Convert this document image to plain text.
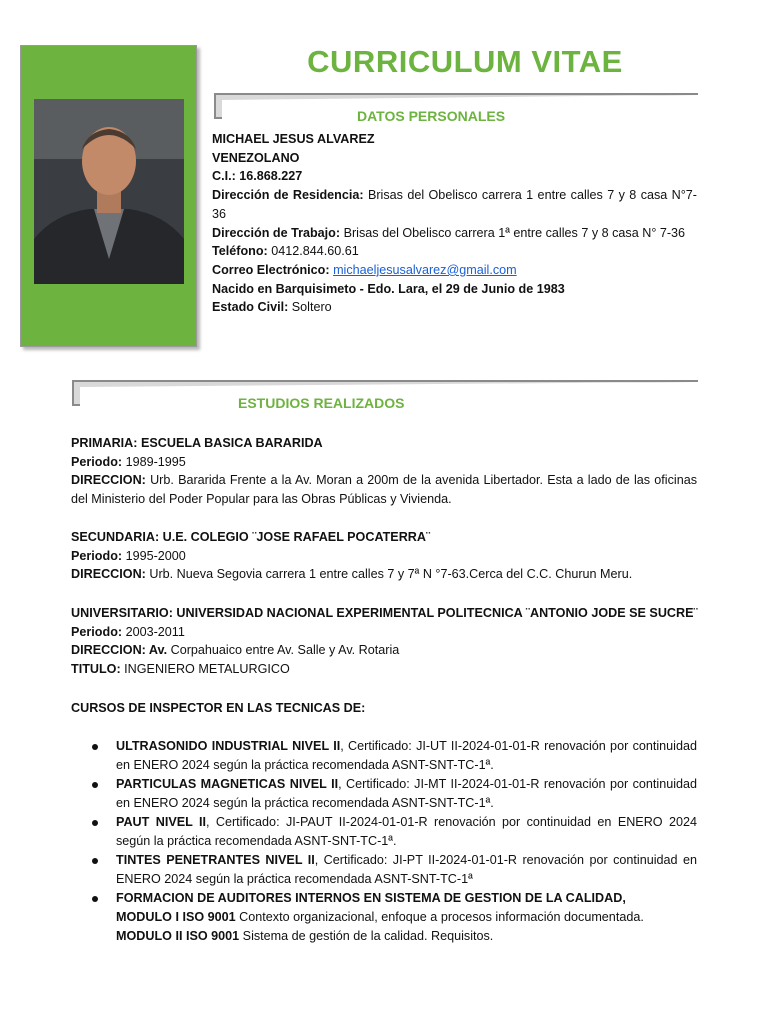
CURRICULUM VITAE
DATOS PERSONALES
MICHAEL JESUS ALVAREZ
VENEZOLANO
C.I.: 16.868.227
Dirección de Residencia: Brisas del Obelisco carrera 1 entre calles 7 y 8 casa N°7-36
Dirección de Trabajo: Brisas del Obelisco carrera 1ª entre calles 7 y 8 casa N° 7-36
Teléfono: 0412.844.60.61
Correo Electrónico: michaeljesusalvarez@gmail.com
Nacido en Barquisimeto - Edo. Lara, el 29 de Junio de 1983
Estado Civil: Soltero
ESTUDIOS REALIZADOS
PRIMARIA: ESCUELA BASICA BARARIDA
Periodo: 1989-1995
DIRECCION: Urb. Bararida Frente a la Av. Moran a 200m de la avenida Libertador. Esta a lado de las oficinas del Ministerio del Poder Popular para las Obras Públicas y Vivienda.
SECUNDARIA: U.E. COLEGIO ¨JOSE RAFAEL POCATERRA¨
Periodo: 1995-2000
DIRECCION: Urb. Nueva Segovia carrera 1 entre calles 7 y 7ª N °7-63.Cerca del C.C. Churun Meru.
UNIVERSITARIO: UNIVERSIDAD NACIONAL EXPERIMENTAL POLITECNICA ¨ANTONIO JODE SE SUCRE¨
Periodo: 2003-2011
DIRECCION: Av. Corpahuaico entre Av. Salle y Av. Rotaria
TITULO: INGENIERO METALURGICO
CURSOS DE INSPECTOR EN LAS TECNICAS DE:
ULTRASONIDO INDUSTRIAL NIVEL II, Certificado: JI-UT II-2024-01-01-R renovación por continuidad en ENERO 2024 según la práctica recomendada ASNT-SNT-TC-1ª.
PARTICULAS MAGNETICAS NIVEL II, Certificado: JI-MT II-2024-01-01-R renovación por continuidad en ENERO 2024 según la práctica recomendada ASNT-SNT-TC-1ª.
PAUT NIVEL II, Certificado: JI-PAUT II-2024-01-01-R renovación por continuidad en ENERO 2024 según la práctica recomendada ASNT-SNT-TC-1ª.
TINTES PENETRANTES NIVEL II, Certificado: JI-PT II-2024-01-01-R renovación por continuidad en ENERO 2024 según la práctica recomendada ASNT-SNT-TC-1ª
FORMACION DE AUDITORES INTERNOS EN SISTEMA DE GESTION DE LA CALIDAD,
MODULO I ISO 9001 Contexto organizacional, enfoque a procesos información documentada.
MODULO II ISO 9001 Sistema de gestión de la calidad. Requisitos.
